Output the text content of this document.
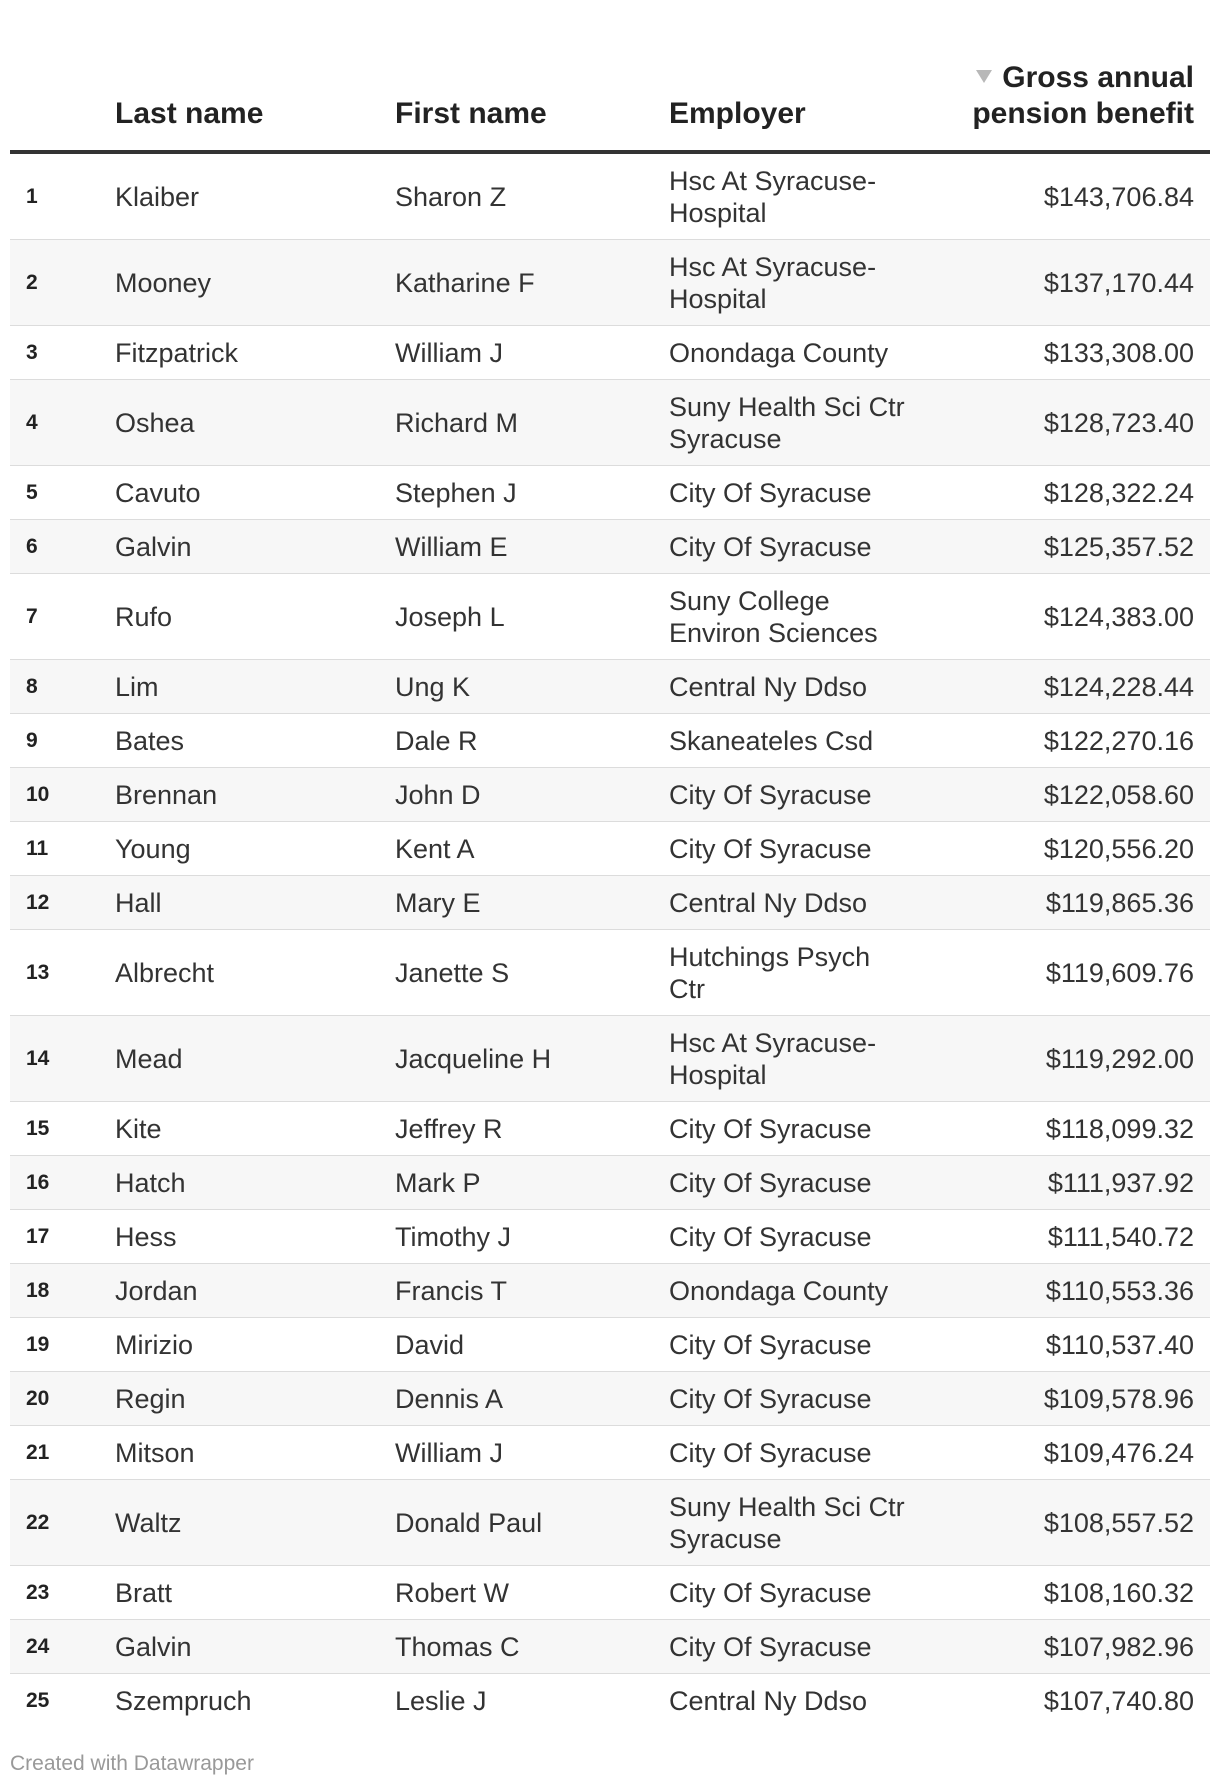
	Last name	First name	Employer	Gross annual pension benefit
1	Klaiber	Sharon Z	Hsc At Syracuse-Hospital	$143,706.84
2	Mooney	Katharine F	Hsc At Syracuse-Hospital	$137,170.44
3	Fitzpatrick	William J	Onondaga County	$133,308.00
4	Oshea	Richard M	Suny Health Sci Ctr Syracuse	$128,723.40
5	Cavuto	Stephen J	City Of Syracuse	$128,322.24
6	Galvin	William E	City Of Syracuse	$125,357.52
7	Rufo	Joseph L	Suny College Environ Sciences	$124,383.00
8	Lim	Ung K	Central Ny Ddso	$124,228.44
9	Bates	Dale R	Skaneateles Csd	$122,270.16
10	Brennan	John D	City Of Syracuse	$122,058.60
11	Young	Kent A	City Of Syracuse	$120,556.20
12	Hall	Mary E	Central Ny Ddso	$119,865.36
13	Albrecht	Janette S	Hutchings Psych Ctr	$119,609.76
14	Mead	Jacqueline H	Hsc At Syracuse-Hospital	$119,292.00
15	Kite	Jeffrey R	City Of Syracuse	$118,099.32
16	Hatch	Mark P	City Of Syracuse	$111,937.92
17	Hess	Timothy J	City Of Syracuse	$111,540.72
18	Jordan	Francis T	Onondaga County	$110,553.36
19	Mirizio	David	City Of Syracuse	$110,537.40
20	Regin	Dennis A	City Of Syracuse	$109,578.96
21	Mitson	William J	City Of Syracuse	$109,476.24
22	Waltz	Donald Paul	Suny Health Sci Ctr Syracuse	$108,557.52
23	Bratt	Robert W	City Of Syracuse	$108,160.32
24	Galvin	Thomas C	City Of Syracuse	$107,982.96
25	Szempruch	Leslie J	Central Ny Ddso	$107,740.80
Created with Datawrapper
